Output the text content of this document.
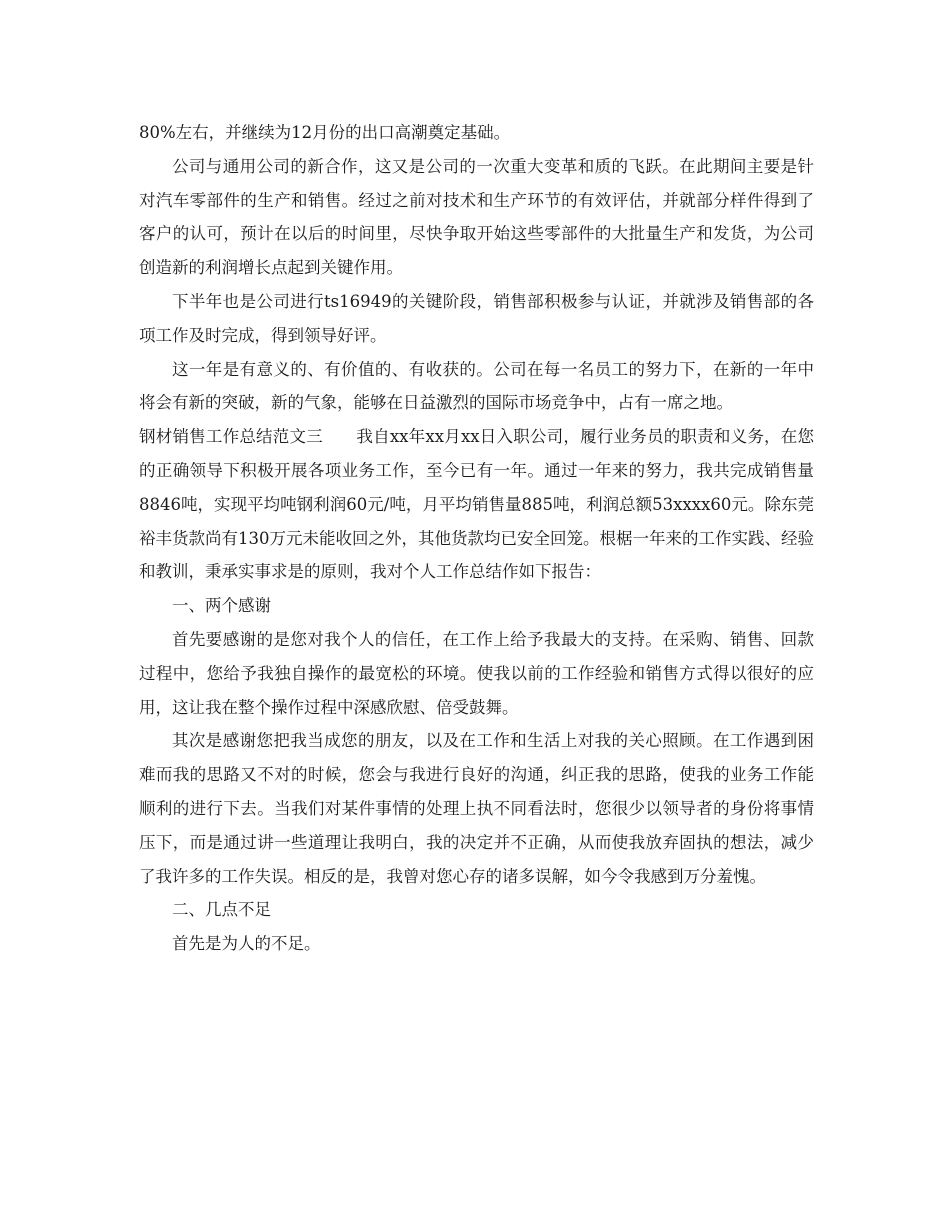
80%左右，并继续为12月份的出口高潮奠定基础。

公司与通用公司的新合作，这又是公司的一次重大变革和质的飞跃。在此期间主要是针对汽车零部件的生产和销售。经过之前对技术和生产环节的有效评估，并就部分样件得到了客户的认可，预计在以后的时间里，尽快争取开始这些零部件的大批量生产和发货，为公司创造新的利润增长点起到关键作用。

下半年也是公司进行ts16949的关键阶段，销售部积极参与认证，并就涉及销售部的各项工作及时完成，得到领导好评。

这一年是有意义的、有价值的、有收获的。公司在每一名员工的努力下，在新的一年中将会有新的突破，新的气象，能够在日益激烈的国际市场竞争中，占有一席之地。

钢材销售工作总结范文三　　我自xx年xx月xx日入职公司，履行业务员的职责和义务，在您的正确领导下积极开展各项业务工作，至今已有一年。通过一年来的努力，我共完成销售量8846吨，实现平均吨钢利润60元/吨，月平均销售量885吨，利润总额53xxxx60元。除东莞裕丰货款尚有130万元未能收回之外，其他货款均已安全回笼。根椐一年来的工作实践、经验和教训，秉承实事求是的原则，我对个人工作总结作如下报告：

一、两个感谢

首先要感谢的是您对我个人的信任，在工作上给予我最大的支持。在采购、销售、回款过程中，您给予我独自操作的最宽松的环境。使我以前的工作经验和销售方式得以很好的应用，这让我在整个操作过程中深感欣慰、倍受鼓舞。

其次是感谢您把我当成您的朋友，以及在工作和生活上对我的关心照顾。在工作遇到困难而我的思路又不对的时候，您会与我进行良好的沟通，纠正我的思路，使我的业务工作能顺利的进行下去。当我们对某件事情的处理上执不同看法时，您很少以领导者的身份将事情压下，而是通过讲一些道理让我明白，我的决定并不正确，从而使我放弃固执的想法，减少了我许多的工作失误。相反的是，我曾对您心存的诸多误解，如今令我感到万分羞愧。

二、几点不足

首先是为人的不足。
